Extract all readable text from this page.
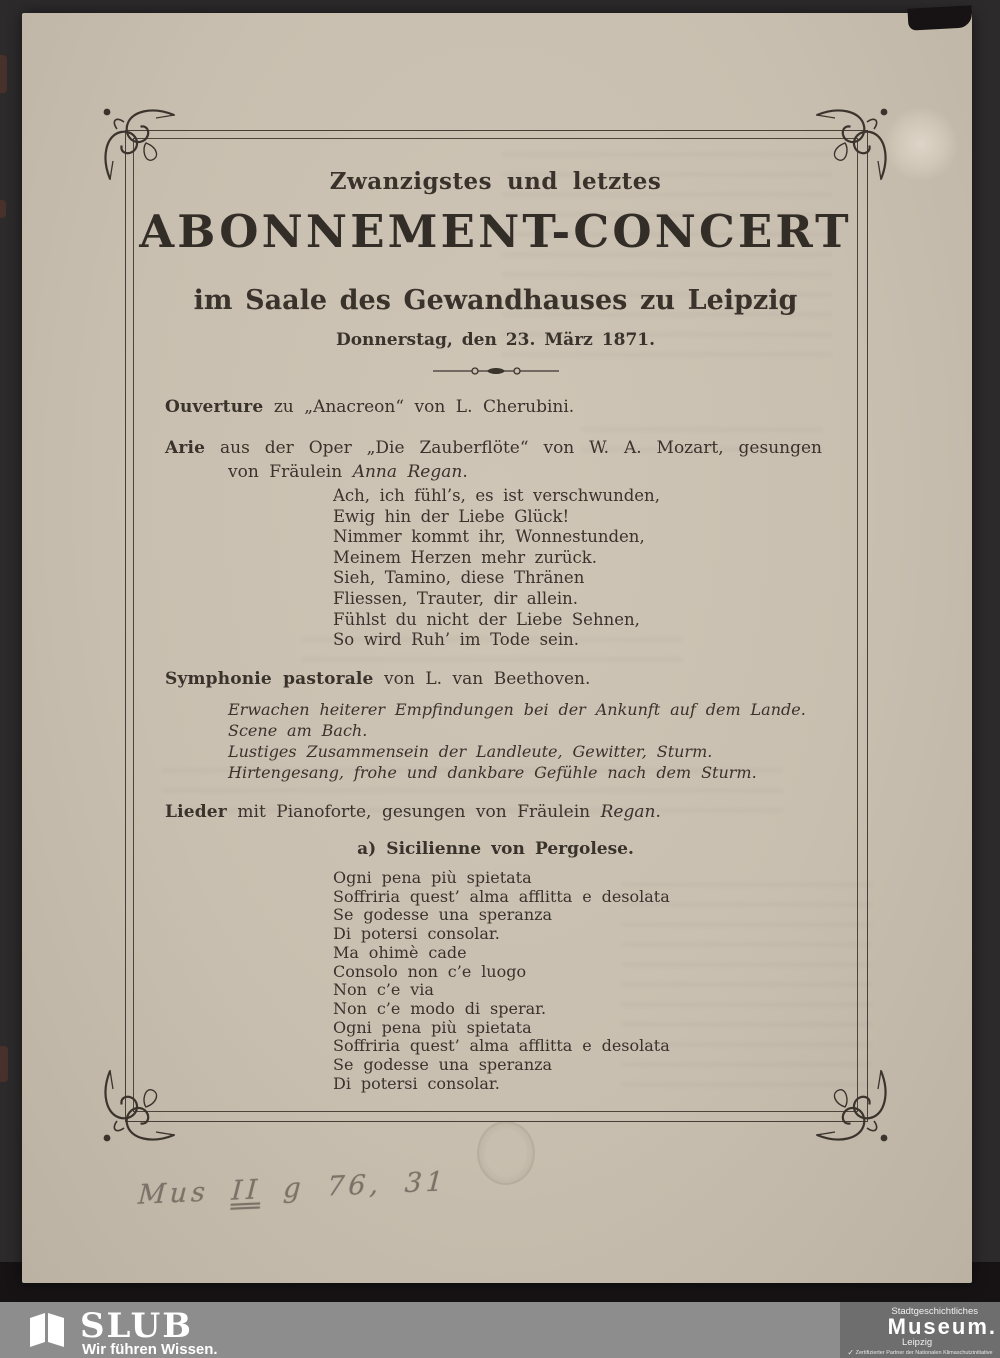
Zwanzigstes und letztes
ABONNEMENT-CONCERT
im Saale des Gewandhauses zu Leipzig
Donnerstag, den 23. März 1871.
Ouverture zu „Anacreon“ von L. Cherubini.
Arie aus der Oper „Die Zauberflöte“ von W. A. Mozart, gesungen
von Fräulein Anna Regan.
Ach, ich fühl’s, es ist verschwunden,
Ewig hin der Liebe Glück!
Nimmer kommt ihr, Wonnestunden,
Meinem Herzen mehr zurück.
Sieh, Tamino, diese Thränen
Fliessen, Trauter, dir allein.
Fühlst du nicht der Liebe Sehnen,
So wird Ruh’ im Tode sein.
Symphonie pastorale von L. van Beethoven.
Erwachen heiterer Empfindungen bei der Ankunft auf dem Lande.
Scene am Bach.
Lustiges Zusammensein der Landleute, Gewitter, Sturm.
Hirtengesang, frohe und dankbare Gefühle nach dem Sturm.
Lieder mit Pianoforte, gesungen von Fräulein Regan.
a) Sicilienne von Pergolese.
Ogni pena più spietata
Soffriria quest’ alma afflitta e desolata
Se godesse una speranza
Di potersi consolar.
Ma ohimè cade
Consolo non c’e luogo
Non c’e via
Non c’e modo di sperar.
Ogni pena più spietata
Soffriria quest’ alma afflitta e desolata
Se godesse una speranza
Di potersi consolar.
Mus II g 76, 31
SLUB
Wir führen Wissen.
Stadtgeschichtliches
Museum.
Leipzig
✓ Zertifizierter Partner der Nationalen Klimaschutzinitiative
